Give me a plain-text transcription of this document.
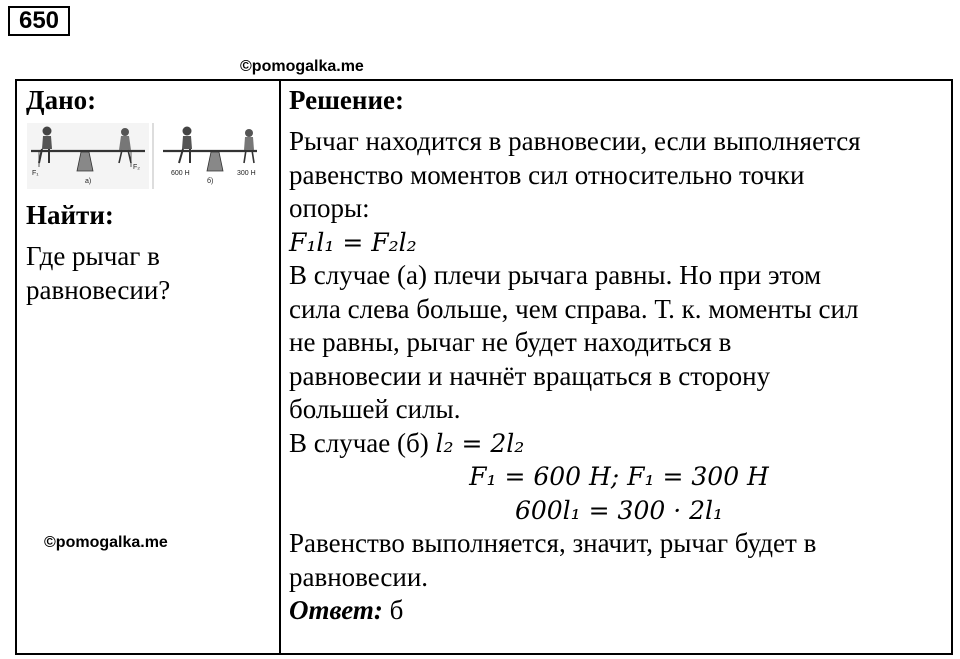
650
©pomogalka.me
Дано:
F₁
F₂
а)
600 Н	300 Н
б)
Найти:
Где рычаг в равновесии?
Решение:
Рычаг находится в равновесии, если выполняется
равенство моментов сил относительно точки
опоры:
F₁l₁ = F₂l₂
В случае (а) плечи рычага равны. Но при этом
сила слева больше, чем справа. Т. к. моменты сил
не равны, рычаг не будет находиться в
равновесии и начнёт вращаться в сторону
большей силы.
В случае (б) l₂ = 2l₂
F₁ = 600 Н; F₁ = 300 Н
600l₁ = 300 · 2l₁
Равенство выполняется, значит, рычаг будет в
равновесии.
Ответ: б
©pomogalka.me
